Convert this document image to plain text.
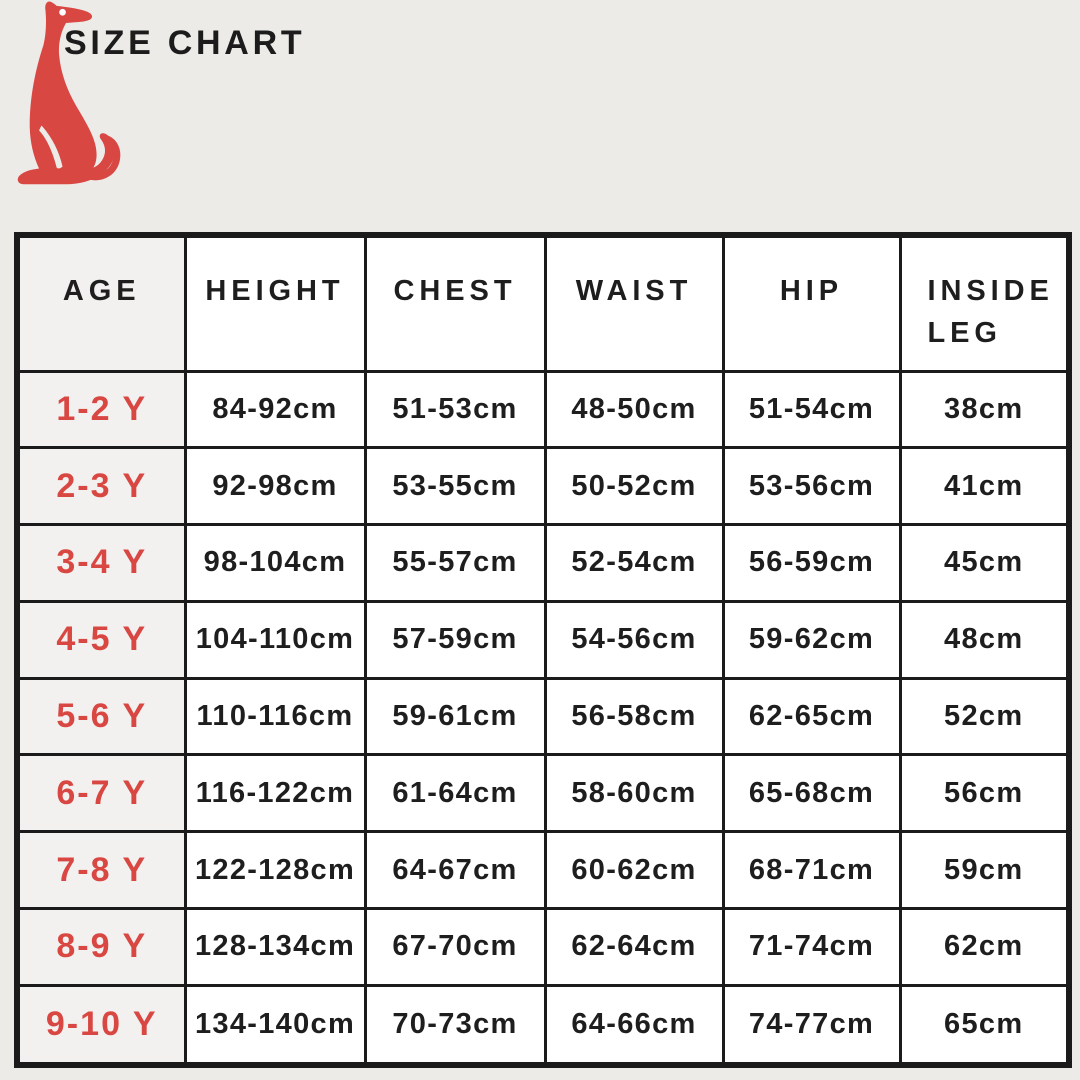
SIZE CHART
AGE	HEIGHT	CHEST	WAIST	HIP	INSIDE LEG
1-2 Y	84-92cm	51-53cm	48-50cm	51-54cm	38cm
2-3 Y	92-98cm	53-55cm	50-52cm	53-56cm	41cm
3-4 Y	98-104cm	55-57cm	52-54cm	56-59cm	45cm
4-5 Y	104-110cm	57-59cm	54-56cm	59-62cm	48cm
5-6 Y	110-116cm	59-61cm	56-58cm	62-65cm	52cm
6-7 Y	116-122cm	61-64cm	58-60cm	65-68cm	56cm
7-8 Y	122-128cm	64-67cm	60-62cm	68-71cm	59cm
8-9 Y	128-134cm	67-70cm	62-64cm	71-74cm	62cm
9-10 Y	134-140cm	70-73cm	64-66cm	74-77cm	65cm
